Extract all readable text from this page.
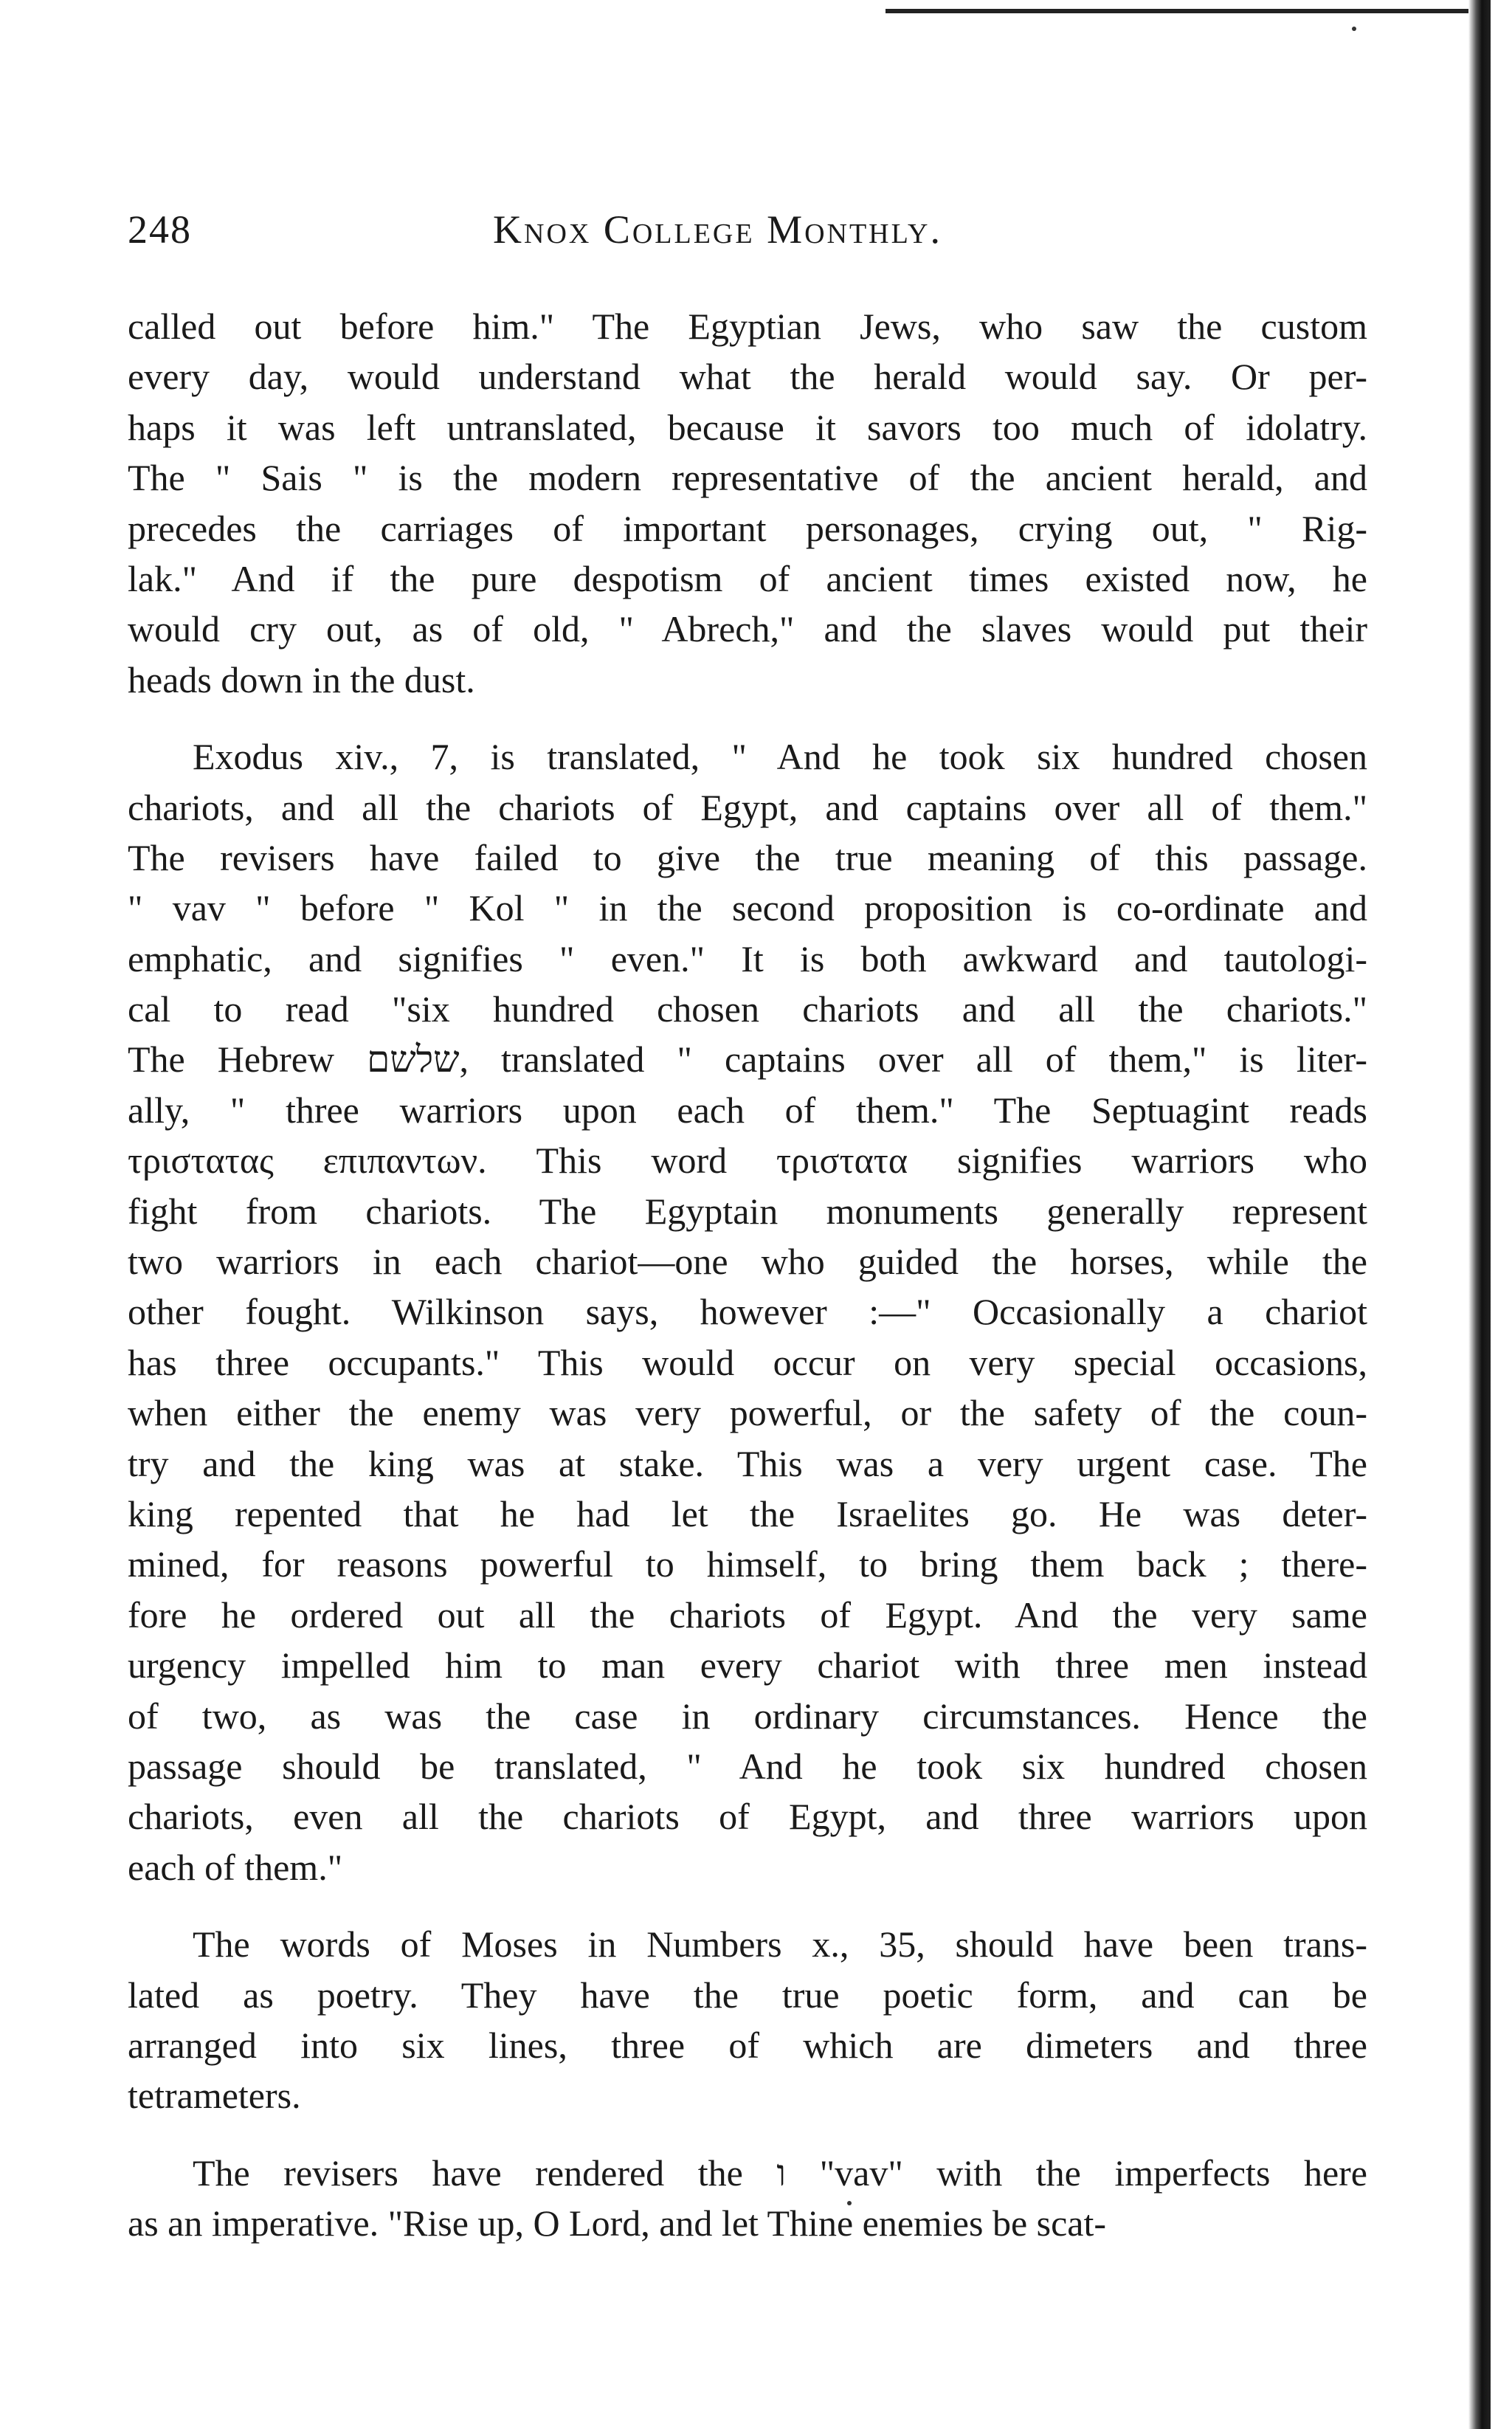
248	Knox College Monthly.
called out before him." The Egyptian Jews, who saw the custom
every day, would understand what the herald would say. Or per-
haps it was left untranslated, because it savors too much of idolatry.
The " Sais " is the modern representative of the ancient herald, and
precedes the carriages of important personages, crying out, " Rig-
lak." And if the pure despotism of ancient times existed now, he
would cry out, as of old, " Abrech," and the slaves would put their
heads down in the dust.
Exodus xiv., 7, is translated, " And he took six hundred chosen
chariots, and all the chariots of Egypt, and captains over all of them."
The revisers have failed to give the true meaning of this passage.
" vav " before " Kol " in the second proposition is co-ordinate and
emphatic, and signifies " even." It is both awkward and tautologi-
cal to read "six hundred chosen chariots and all the chariots."
The Hebrew שלשם, translated " captains over all of them," is liter-
ally, " three warriors upon each of them." The Septuagint reads
τριστατας επιπαντων. This word τριστατα signifies warriors who
fight from chariots. The Egyptain monuments generally represent
two warriors in each chariot—one who guided the horses, while the
other fought. Wilkinson says, however :—" Occasionally a chariot
has three occupants." This would occur on very special occasions,
when either the enemy was very powerful, or the safety of the coun-
try and the king was at stake. This was a very urgent case. The
king repented that he had let the Israelites go. He was deter-
mined, for reasons powerful to himself, to bring them back ; there-
fore he ordered out all the chariots of Egypt. And the very same
urgency impelled him to man every chariot with three men instead
of two, as was the case in ordinary circumstances. Hence the
passage should be translated, " And he took six hundred chosen
chariots, even all the chariots of Egypt, and three warriors upon
each of them."
The words of Moses in Numbers x., 35, should have been trans-
lated as poetry. They have the true poetic form, and can be
arranged into six lines, three of which are dimeters and three
tetrameters.
The revisers have rendered the ו "vav" with the imperfects here
as an imperative. "Rise up, O Lord, and let Thine enemies be scat-
